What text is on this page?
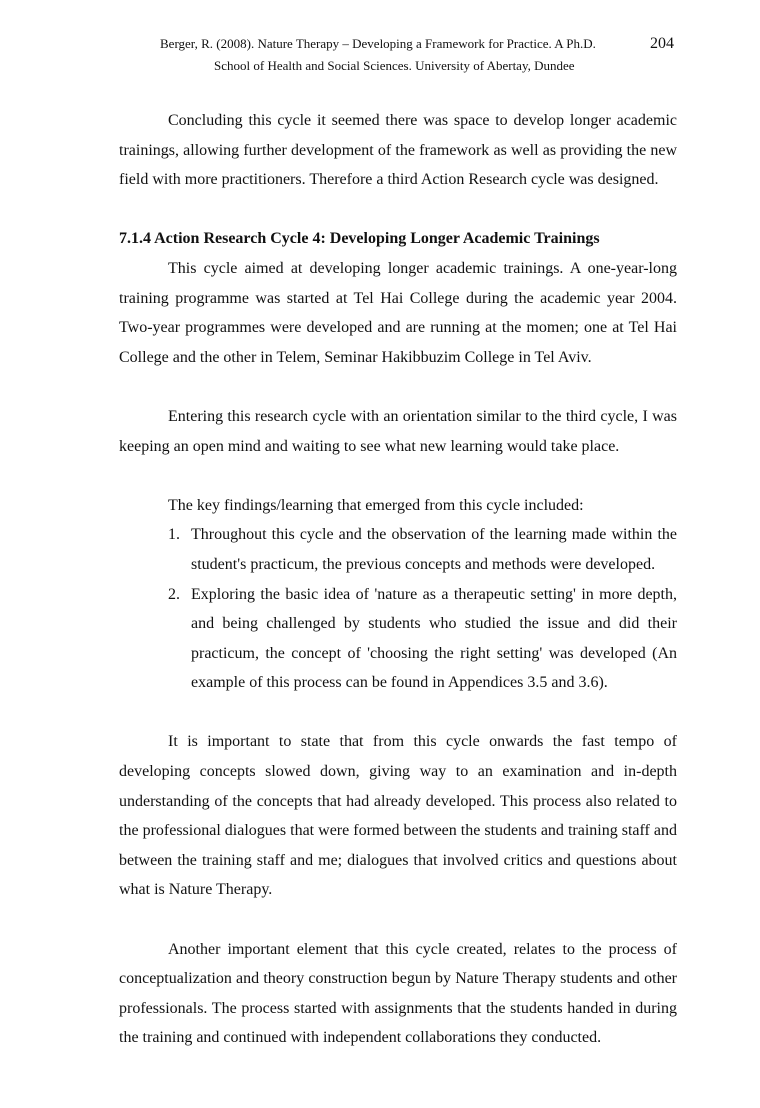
Berger, R. (2008). Nature Therapy – Developing a Framework for Practice. A Ph.D.	204
School of Health and Social Sciences. University of Abertay, Dundee

Concluding this cycle it seemed there was space to develop longer academic trainings, allowing further development of the framework as well as providing the new field with more practitioners. Therefore a third Action Research cycle was designed.

7.1.4 Action Research Cycle 4: Developing Longer Academic Trainings

This cycle aimed at developing longer academic trainings. A one-year-long training programme was started at Tel Hai College during the academic year 2004. Two-year programmes were developed and are running at the momen; one at Tel Hai College and the other in Telem, Seminar Hakibbuzim College in Tel Aviv.

Entering this research cycle with an orientation similar to the third cycle, I was keeping an open mind and waiting to see what new learning would take place.

The key findings/learning that emerged from this cycle included:

1. Throughout this cycle and the observation of the learning made within the student's practicum, the previous concepts and methods were developed.
2. Exploring the basic idea of 'nature as a therapeutic setting' in more depth, and being challenged by students who studied the issue and did their practicum, the concept of 'choosing the right setting' was developed (An example of this process can be found in Appendices 3.5 and 3.6).

It is important to state that from this cycle onwards the fast tempo of developing concepts slowed down, giving way to an examination and in-depth understanding of the concepts that had already developed. This process also related to the professional dialogues that were formed between the students and training staff and between the training staff and me; dialogues that involved critics and questions about what is Nature Therapy.

Another important element that this cycle created, relates to the process of conceptualization and theory construction begun by Nature Therapy students and other professionals. The process started with assignments that the students handed in during the training and continued with independent collaborations they conducted.
